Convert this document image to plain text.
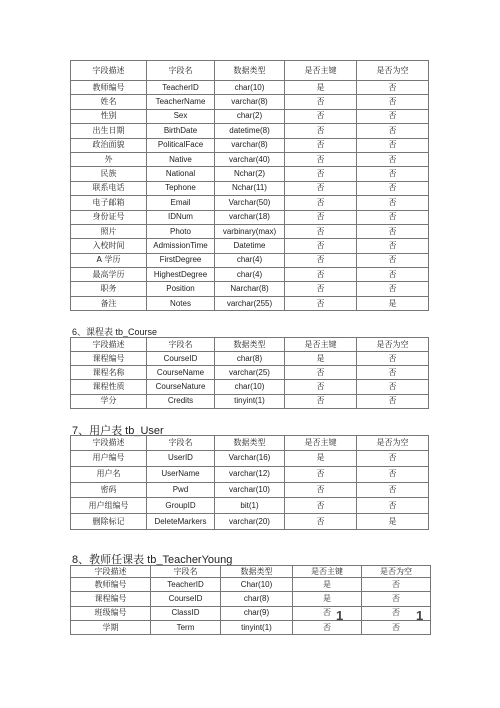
字段描述	字段名	数据类型	是否主键	是否为空
教师编号	TeacherID	char(10)	是	否
姓名	TeacherName	varchar(8)	否	否
性别	Sex	char(2)	否	否
出生日期	BirthDate	datetime(8)	否	否
政治面貌	PoliticalFace	varchar(8)	否	否
外	Native	varchar(40)	否	否
民族	National	Nchar(2)	否	否
联系电话	Tephone	Nchar(11)	否	否
电子邮箱	Email	Varchar(50)	否	否
身份证号	IDNum	varchar(18)	否	否
照片	Photo	varbinary(max)	否	否
入校时间	AdmissionTime	Datetime	否	否
A 学历	FirstDegree	char(4)	否	否
最高学历	HighestDegree	char(4)	否	否
职务	Position	Narchar(8)	否	否
备注	Notes	varchar(255)	否	是
6、课程表 tb_Course
字段描述	字段名	数据类型	是否主键	是否为空
课程编号	CourseID	char(8)	是	否
课程名称	CourseName	varchar(25)	否	否
课程性质	CourseNature	char(10)	否	否
学分	Credits	tinyint(1)	否	否
7、用户表 tb_User
字段描述	字段名	数据类型	是否主键	是否为空
用户编号	UserID	Varchar(16)	是	否
用户名	UserName	varchar(12)	否	否
密码	Pwd	varchar(10)	否	否
用户组编号	GroupID	bit(1)	否	否
删除标记	DeleteMarkers	varchar(20)	否	是
8、教师任课表 tb_TeacherYoung
字段描述	字段名	数据类型	是否主键	是否为空
教师编号	TeacherID	Char(10)	是	否
课程编号	CourseID	char(8)	是	否
班级编号	ClassID	char(9)	否	否
学期	Term	tinyint(1)	否	否
1	1
